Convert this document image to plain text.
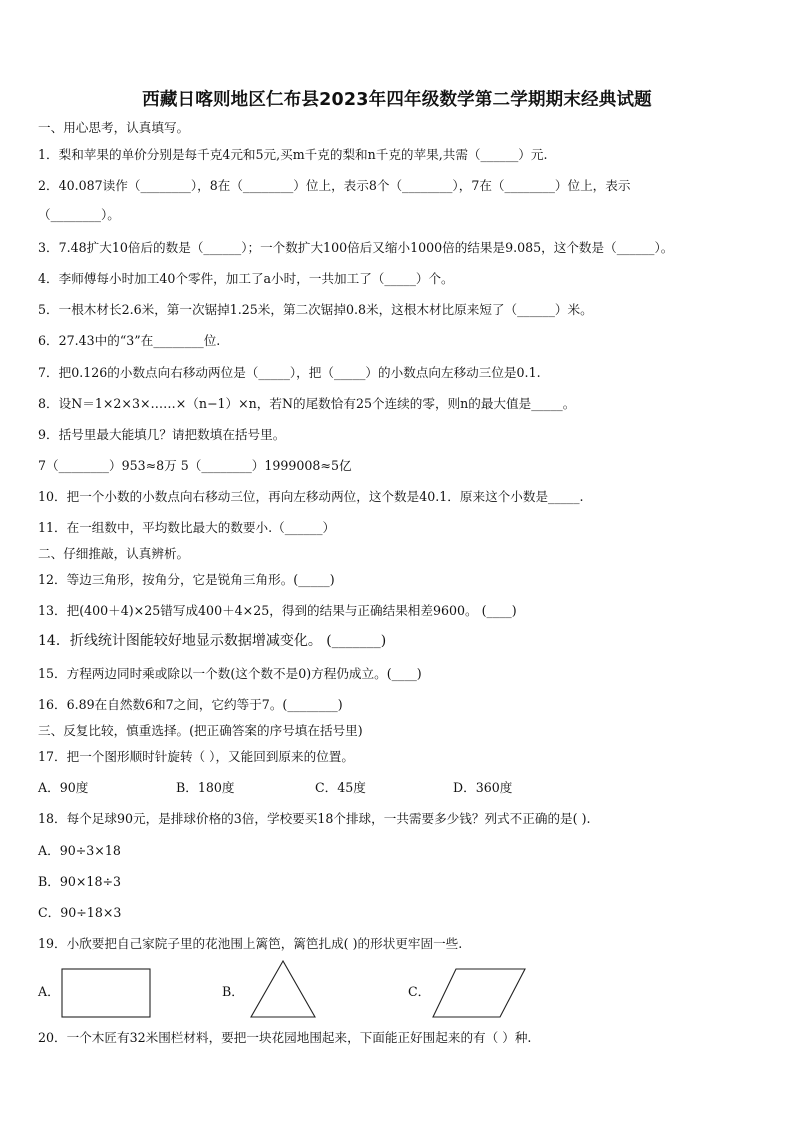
西藏日喀则地区仁布县2023年四年级数学第二学期期末经典试题
一、用心思考，认真填写。
1．梨和苹果的单价分别是每千克4元和5元,买m千克的梨和n千克的苹果,共需（______）元.
2．40.087读作（________），8在（________）位上，表示8个（________），7在（________）位上，表示
（________）。
3．7.48扩大10倍后的数是（______）；一个数扩大100倍后又缩小1000倍的结果是9.085，这个数是（______）。
4．李师傅每小时加工40个零件，加工了a小时，一共加工了（_____）个。
5．一根木材长2.6米，第一次锯掉1.25米，第二次锯掉0.8米，这根木材比原来短了（______）米。
6．27.43中的“3”在________位.
7．把0.126的小数点向右移动两位是（_____），把（_____）的小数点向左移动三位是0.1.
8．设N＝1×2×3×……×（n−1）×n，若N的尾数恰有25个连续的零，则n的最大值是_____。
9．括号里最大能填几？请把数填在括号里。
7（________）953≈8万 5（________）1999008≈5亿
10．把一个小数的小数点向右移动三位，再向左移动两位，这个数是40.1．原来这个小数是_____.
11．在一组数中，平均数比最大的数要小.（______）
二、仔细推敲，认真辨析。
12．等边三角形，按角分，它是锐角三角形。(_____)
13．把(400＋4)×25错写成400＋4×25，得到的结果与正确结果相差9600。 (____)
14．折线统计图能较好地显示数据增减变化。 (_______)
15．方程两边同时乘或除以一个数(这个数不是0)方程仍成立。(____)
16．6.89在自然数6和7之间，它约等于7。(________)
三、反复比较，慎重选择。(把正确答案的序号填在括号里)
17．把一个图形顺时针旋转（ ），又能回到原来的位置。
A．90度	B．180度	C．45度	D．360度
18．每个足球90元，是排球价格的3倍，学校要买18个排球，一共需要多少钱？列式不正确的是( ).
A．90÷3×18
B．90×18÷3
C．90÷18×3
19．小欣要把自己家院子里的花池围上篱笆，篱笆扎成( )的形状更牢固一些.
A．	B．	C．
20．一个木匠有32米围栏材料，要把一块花园地围起来，下面能正好围起来的有（ ）种.
